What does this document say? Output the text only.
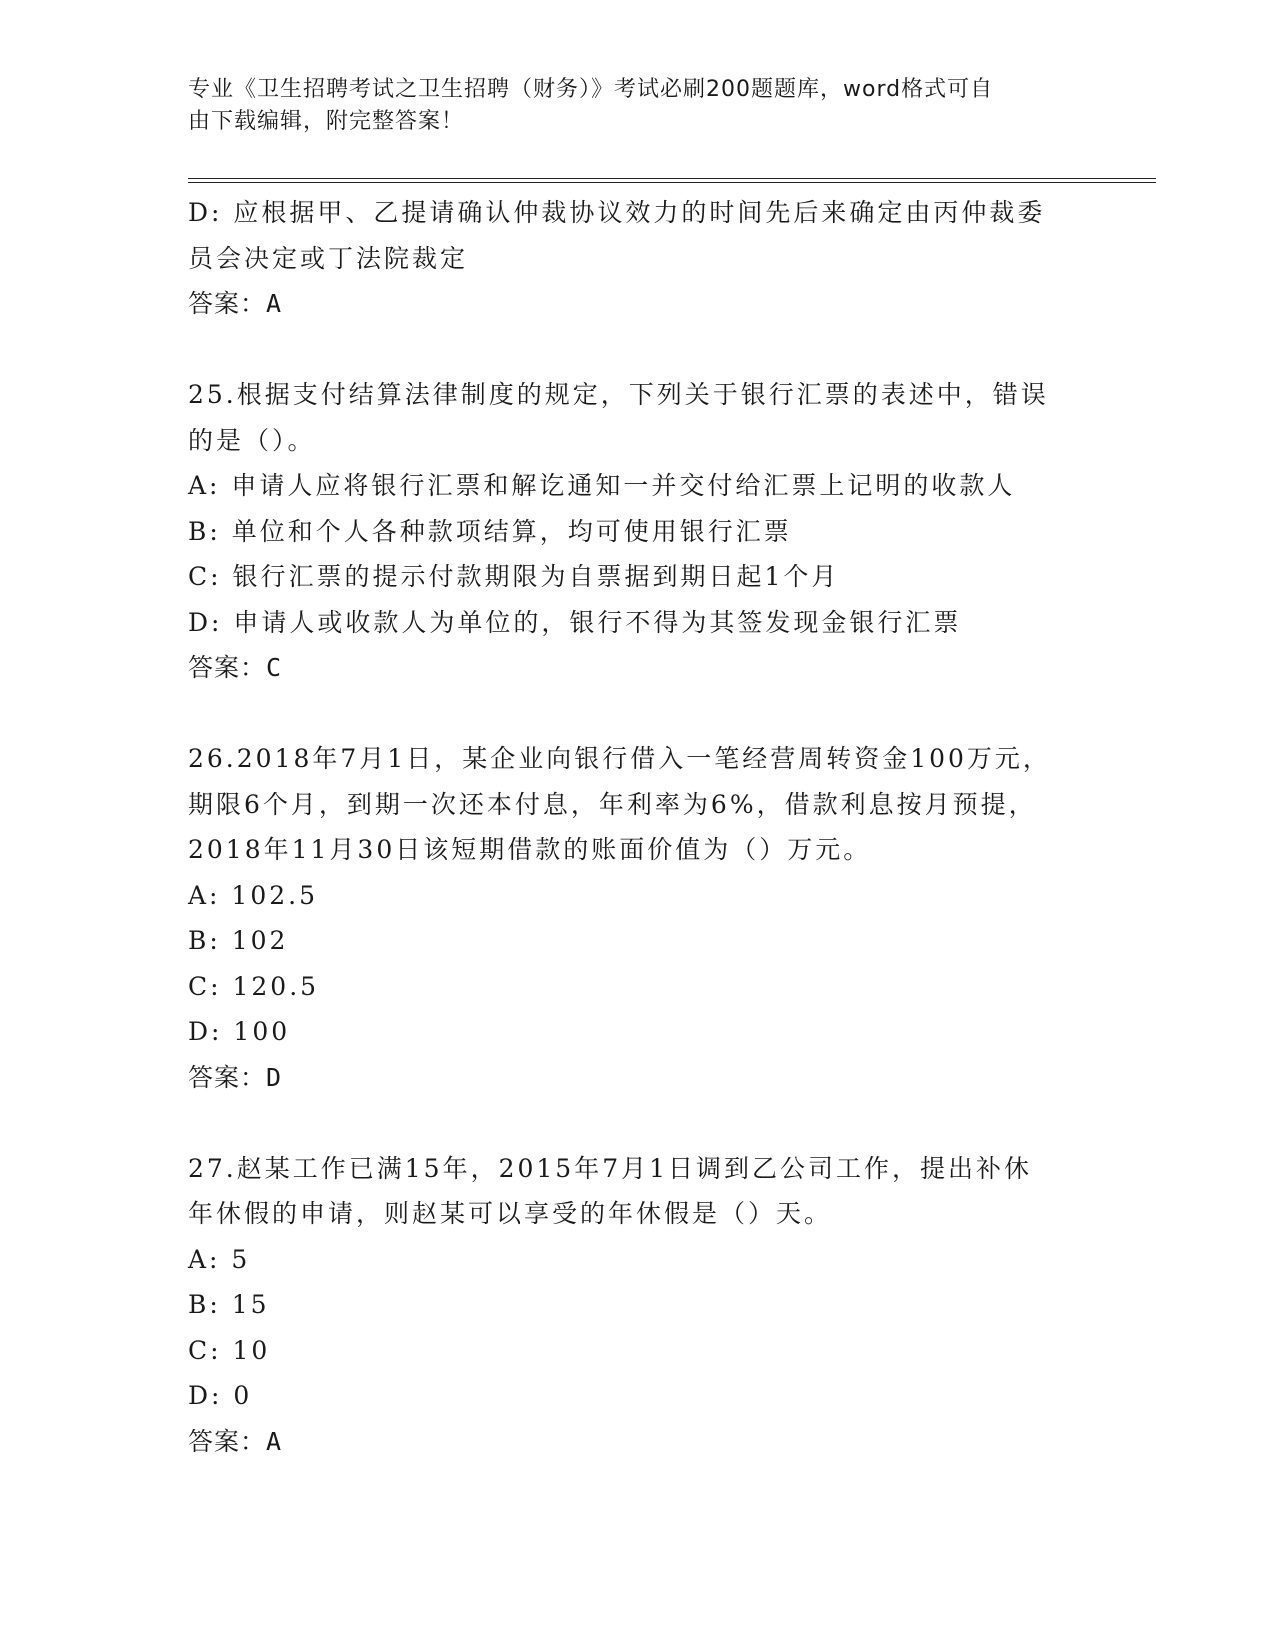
专业《卫生招聘考试之卫生招聘（财务）》考试必刷200题题库，word格式可自
由下载编辑，附完整答案！

D: 应根据甲、乙提请确认仲裁协议效力的时间先后来确定由丙仲裁委

员会决定或丁法院裁定

答案：A

25.根据支付结算法律制度的规定，下列关于银行汇票的表述中，错误

的是（）。

A: 申请人应将银行汇票和解讫通知一并交付给汇票上记明的收款人

B: 单位和个人各种款项结算，均可使用银行汇票

C: 银行汇票的提示付款期限为自票据到期日起1个月

D: 申请人或收款人为单位的，银行不得为其签发现金银行汇票

答案：C

26.2018年7月1日，某企业向银行借入一笔经营周转资金100万元，

期限6个月，到期一次还本付息，年利率为6%，借款利息按月预提，

2018年11月30日该短期借款的账面价值为（）万元。

A: 102.5

B: 102

C: 120.5

D: 100

答案：D

27.赵某工作已满15年，2015年7月1日调到乙公司工作，提出补休

年休假的申请，则赵某可以享受的年休假是（）天。

A: 5

B: 15

C: 10

D: 0

答案：A
